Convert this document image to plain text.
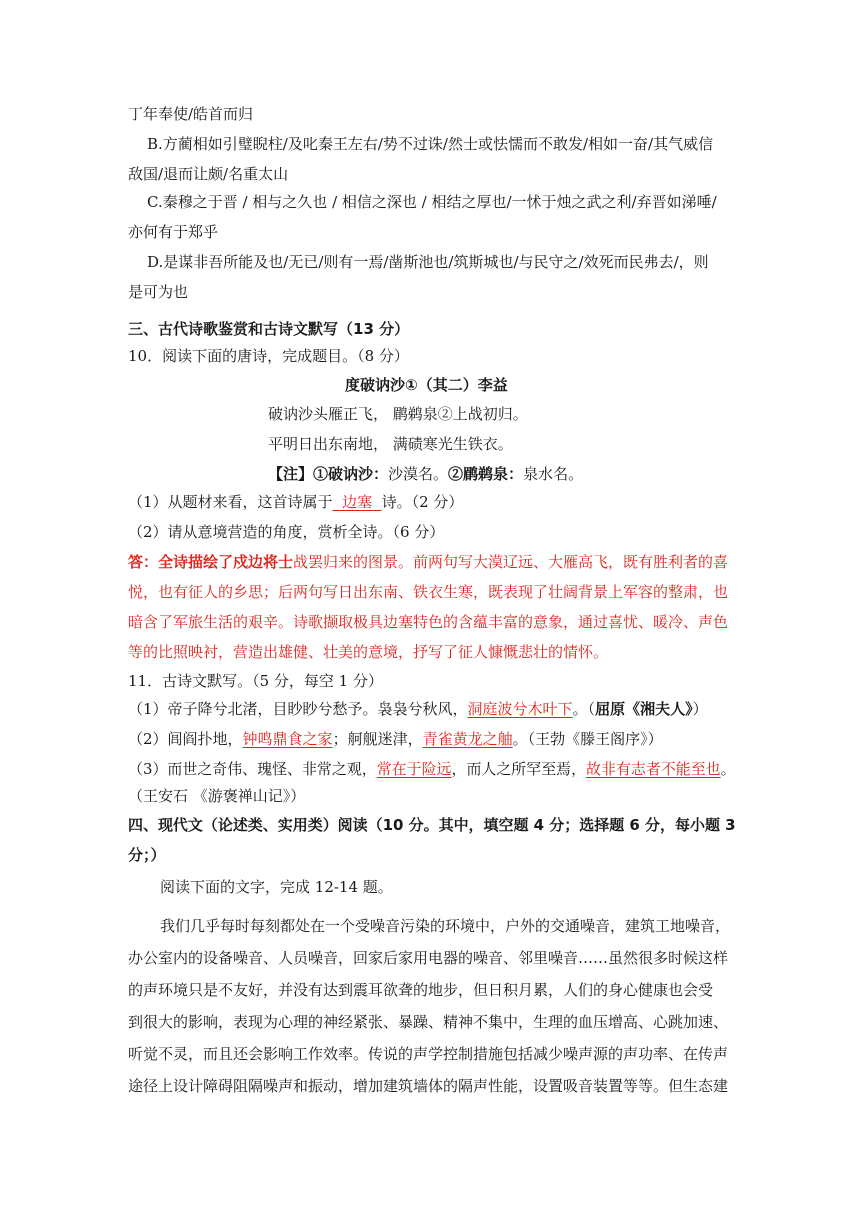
丁年奉使/皓首而归
B.方蔺相如引璧睨柱/及叱秦王左右/势不过诛/然士或怯懦而不敢发/相如一奋/其气威信
敌国/退而让颇/名重太山
C.秦穆之于晋 / 相与之久也 / 相信之深也 / 相结之厚也/一怵于烛之武之利/弃晋如涕唾/
亦何有于郑乎
D.是谋非吾所能及也/无已/则有一焉/凿斯池也/筑斯城也/与民守之/效死而民弗去/，则
是可为也
三、古代诗歌鉴赏和古诗文默写（13 分）
10．阅读下面的唐诗，完成题目。（8 分）
度破讷沙①（其二）李益
破讷沙头雁正飞， 鹛鹈泉②上战初归。
平明日出东南地， 满碛寒光生铁衣。
【注】①破讷沙：沙漠名。②鹛鹈泉：泉水名。
（1）从题材来看，这首诗属于  边塞  诗。（2 分）
（2）请从意境营造的角度，赏析全诗。（6 分）
答：全诗描绘了戍边将士战罢归来的图景。前两句写大漠辽远、大雁高飞，既有胜利者的喜
悦，也有征人的乡思；后两句写日出东南、铁衣生寒，既表现了壮阔背景上军容的整肃，也
暗含了军旅生活的艰辛。诗歌撷取极具边塞特色的含蕴丰富的意象，通过喜忧、暖冷、声色
等的比照映衬，营造出雄健、壮美的意境，抒写了征人慷慨悲壮的情怀。
11．古诗文默写。（5 分，每空 1 分）
（1）帝子降兮北渚，目眇眇兮愁予。袅袅兮秋风，洞庭波兮木叶下。（屈原《湘夫人》）
（2）闾阎扑地，钟鸣鼎食之家；舸舰迷津，青雀黄龙之舳。（王勃《滕王阁序》）
（3）而世之奇伟、瑰怪、非常之观，常在于险远，而人之所罕至焉，故非有志者不能至也。
（王安石 《游褒禅山记》）
四、现代文（论述类、实用类）阅读（10 分。其中，填空题 4 分；选择题 6 分，每小题 3
分；）
阅读下面的文字，完成 12-14 题。
我们几乎每时每刻都处在一个受噪音污染的环境中，户外的交通噪音，建筑工地噪音，
办公室内的设备噪音、人员噪音，回家后家用电器的噪音、邻里噪音……虽然很多时候这样
的声环境只是不友好，并没有达到震耳欲聋的地步，但日积月累，人们的身心健康也会受
到很大的影响，表现为心理的神经紧张、暴躁、精神不集中，生理的血压增高、心跳加速、
听觉不灵，而且还会影响工作效率。传说的声学控制措施包括减少噪声源的声功率、在传声
途径上设计障碍阻隔噪声和振动，增加建筑墙体的隔声性能，设置吸音装置等等。但生态建
